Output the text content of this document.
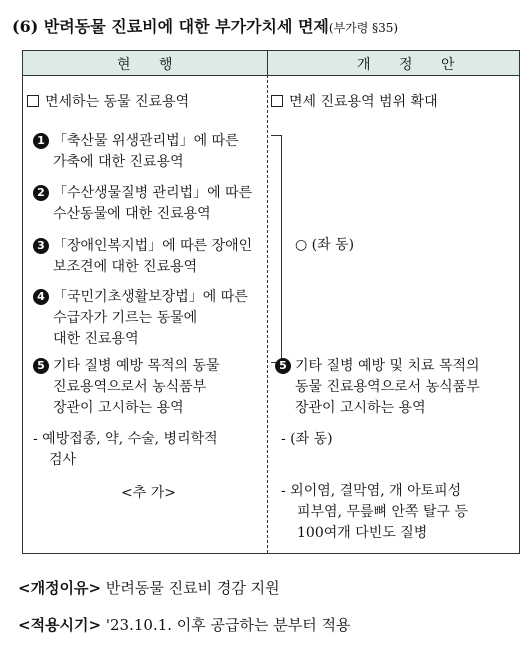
(6) 반려동물 진료비에 대한 부가가치세 면제(부가령 §35)
현 행	개 정 안
면세하는 동물 진료용역
1 「축산물 위생관리법」에 따른
가축에 대한 진료용역
2 「수산생물질병 관리법」에 따른
수산동물에 대한 진료용역
3 「장애인복지법」에 따른 장애인
보조견에 대한 진료용역
4 「국민기초생활보장법」에 따른
수급자가 기르는 동물에
대한 진료용역
5 기타 질병 예방 목적의 동물
진료용역으로서 농식품부
장관이 고시하는 용역
- 예방접종, 약, 수술, 병리학적
검사
<추 가>
면세 진료용역 범위 확대
○ (좌 동)
5 기타 질병 예방 및 치료 목적의
동물 진료용역으로서 농식품부
장관이 고시하는 용역
- (좌 동)
- 외이염, 결막염, 개 아토피성
피부염, 무릎뼈 안쪽 탈구 등
100여개 다빈도 질병
<개정이유> 반려동물 진료비 경감 지원
<적용시기> '23.10.1. 이후 공급하는 분부터 적용
